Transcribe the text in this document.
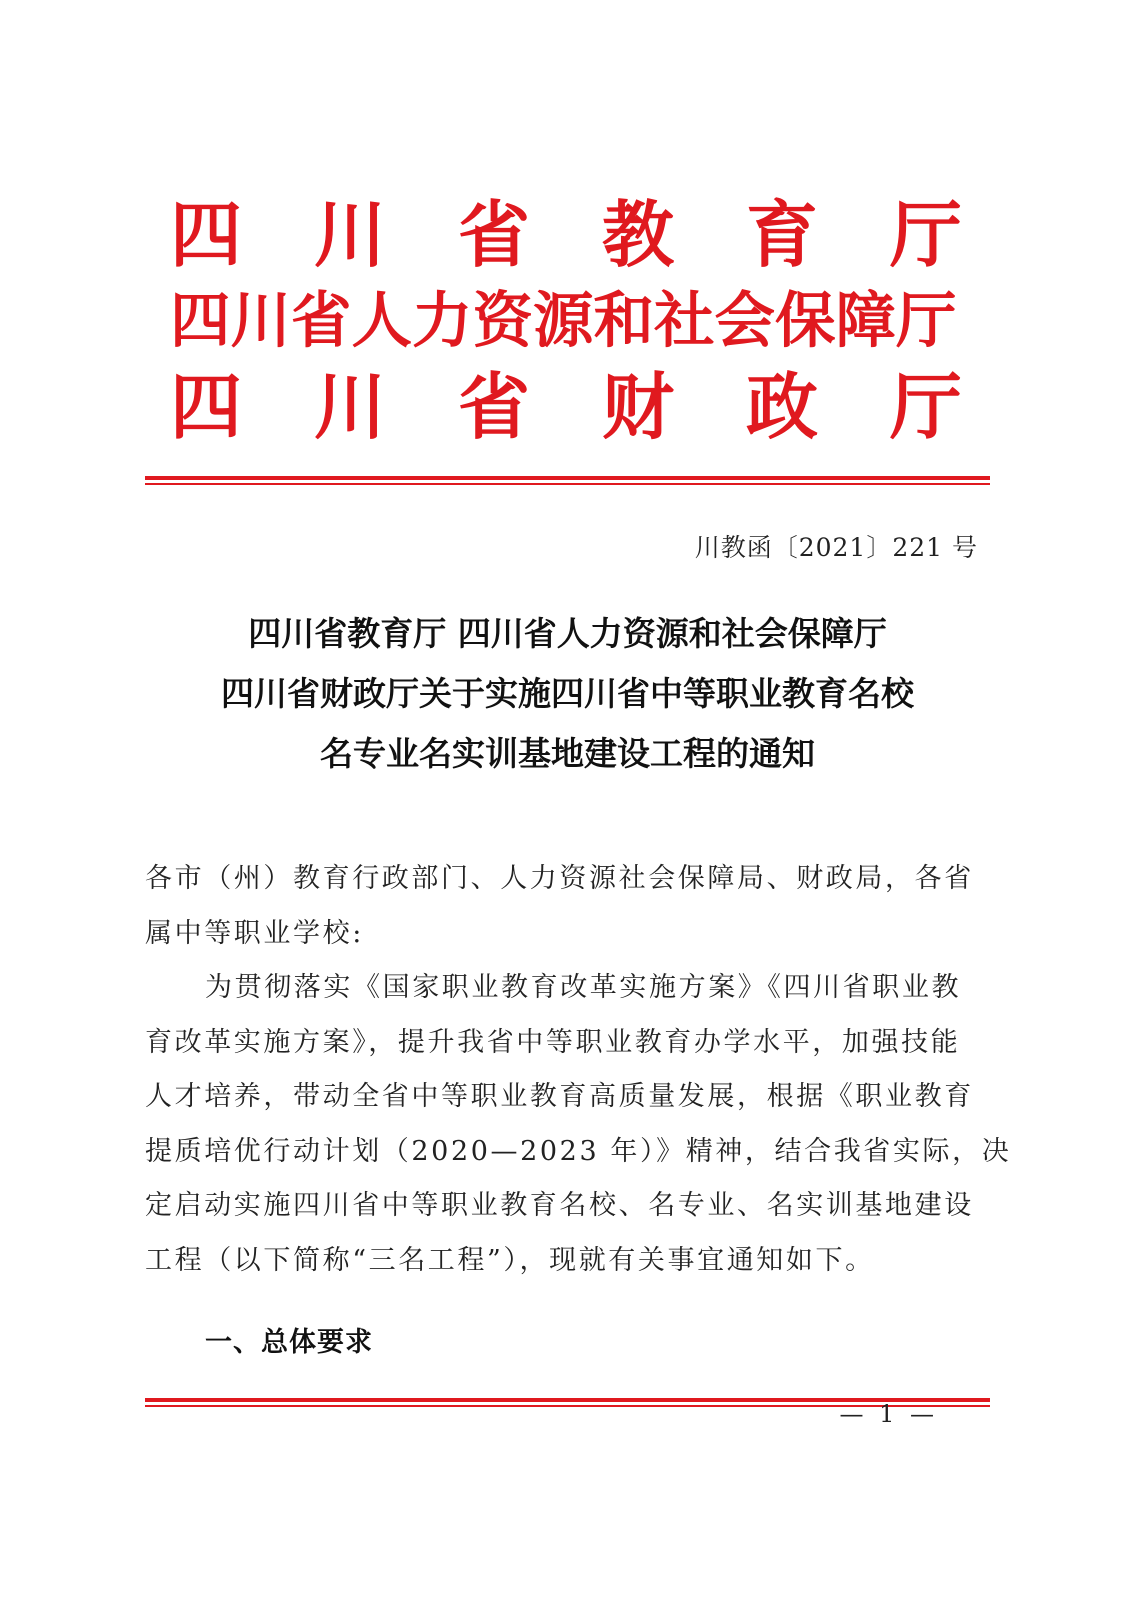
四 川 省 教 育 厅
四川省人力资源和社会保障厅
四 川 省 财 政 厅
川教函〔2021〕221 号
四川省教育厅 四川省人力资源和社会保障厅
四川省财政厅关于实施四川省中等职业教育名校
名专业名实训基地建设工程的通知

各市（州）教育行政部门、人力资源社会保障局、财政局，各省

属中等职业学校:

为贯彻落实《国家职业教育改革实施方案》《四川省职业教

育改革实施方案》，提升我省中等职业教育办学水平，加强技能

人才培养，带动全省中等职业教育高质量发展，根据《职业教育

提质培优行动计划（2020—2023 年）》精神，结合我省实际，决

定启动实施四川省中等职业教育名校、名专业、名实训基地建设

工程（以下简称“三名工程”），现就有关事宜通知如下。

一、总体要求
— 1 —
